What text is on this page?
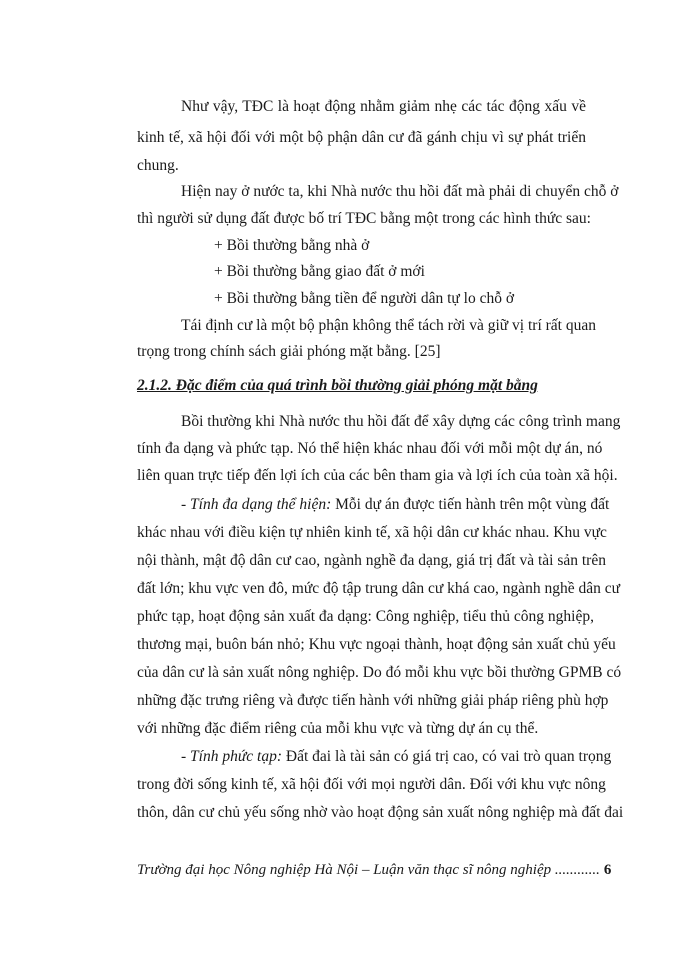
Như vậy, TĐC là hoạt động nhằm giảm nhẹ các tác động xấu về
kinh tế, xã hội đối với một bộ phận dân cư đã gánh chịu vì sự phát triển
chung.
Hiện nay ở nước ta, khi Nhà nước thu hồi đất mà phải di chuyển chỗ ở
thì người sử dụng đất được bố trí TĐC bằng một trong các hình thức sau:
+ Bồi thường bằng nhà ở
+ Bồi thường bằng giao đất ở mới
+ Bồi thường bằng tiền để người dân tự lo chỗ ở
Tái định cư là một bộ phận không thể tách rời và giữ vị trí rất quan
trọng trong chính sách giải phóng mặt bằng. [25]
2.1.2. Đặc điểm của quá trình bồi thường giải phóng mặt bằng
Bồi thường khi Nhà nước thu hồi đất để xây dựng các công trình mang
tính đa dạng và phức tạp. Nó thể hiện khác nhau đối với mỗi một dự án, nó
liên quan trực tiếp đến lợi ích của các bên tham gia và lợi ích của toàn xã hội.
- Tính đa dạng thể hiện: Mỗi dự án được tiến hành trên một vùng đất
khác nhau với điều kiện tự nhiên kinh tế, xã hội dân cư khác nhau. Khu vực
nội thành, mật độ dân cư cao, ngành nghề đa dạng, giá trị đất và tài sản trên
đất lớn; khu vực ven đô, mức độ tập trung dân cư khá cao, ngành nghề dân cư
phức tạp, hoạt động sản xuất đa dạng: Công nghiệp, tiểu thủ công nghiệp,
thương mại, buôn bán nhỏ; Khu vực ngoại thành, hoạt động sản xuất chủ yếu
của dân cư là sản xuất nông nghiệp. Do đó mỗi khu vực bồi thường GPMB có
những đặc trưng riêng và được tiến hành với những giải pháp riêng phù hợp
với những đặc điểm riêng của mỗi khu vực và từng dự án cụ thể.
- Tính phức tạp: Đất đai là tài sản có giá trị cao, có vai trò quan trọng
trong đời sống kinh tế, xã hội đối với mọi người dân. Đối với khu vực nông
thôn, dân cư chủ yếu sống nhờ vào hoạt động sản xuất nông nghiệp mà đất đai
Trường đại học Nông nghiệp Hà Nội – Luận văn thạc sĩ nông nghiệp ............ 6
